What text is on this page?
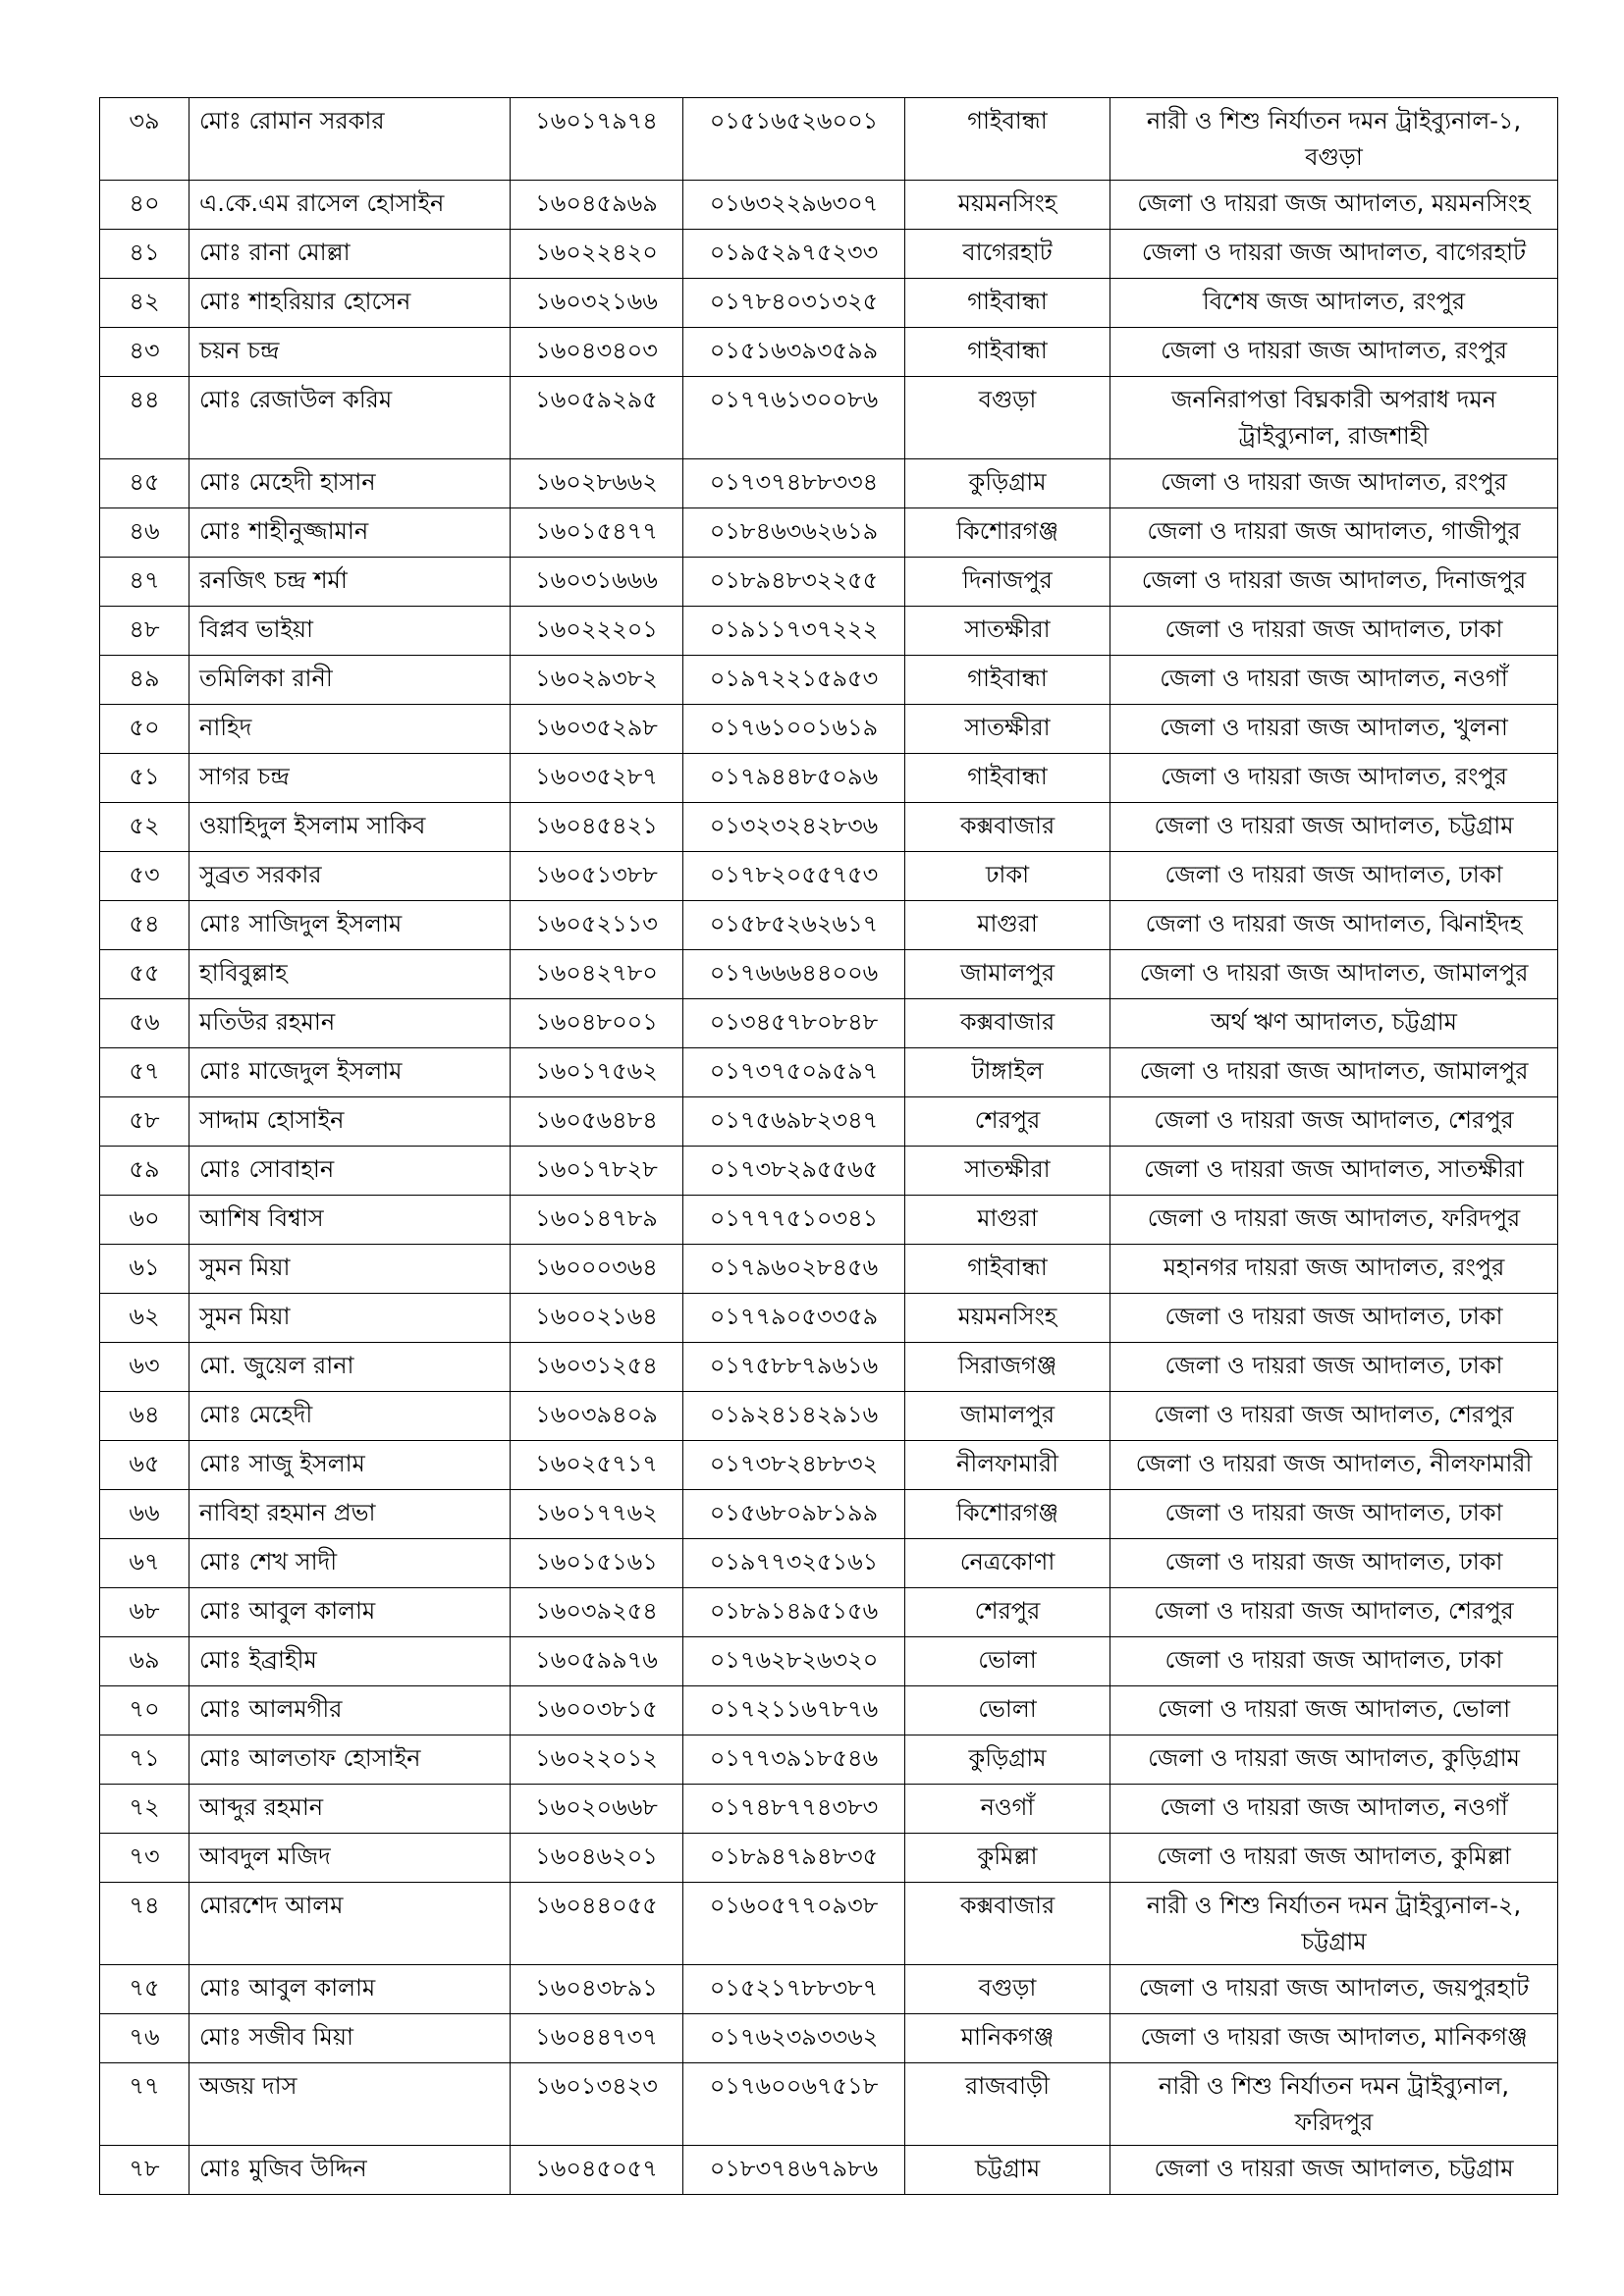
৩৯	মোঃ রোমান সরকার	১৬০১৭৯৭৪	০১৫১৬৫২৬০০১	গাইবান্ধা	নারী ও শিশু নির্যাতন দমন ট্রাইব্যুনাল-১, বগুড়া
৪০	এ.কে.এম রাসেল হোসাইন	১৬০৪৫৯৬৯	০১৬৩২২৯৬৩০৭	ময়মনসিংহ	জেলা ও দায়রা জজ আদালত, ময়মনসিংহ
৪১	মোঃ রানা মোল্লা	১৬০২২৪২০	০১৯৫২৯৭৫২৩৩	বাগেরহাট	জেলা ও দায়রা জজ আদালত, বাগেরহাট
৪২	মোঃ শাহরিয়ার হোসেন	১৬০৩২১৬৬	০১৭৮৪০৩১৩২৫	গাইবান্ধা	বিশেষ জজ আদালত, রংপুর
৪৩	চয়ন চন্দ্র	১৬০৪৩৪০৩	০১৫১৬৩৯৩৫৯৯	গাইবান্ধা	জেলা ও দায়রা জজ আদালত, রংপুর
৪৪	মোঃ রেজাউল করিম	১৬০৫৯২৯৫	০১৭৭৬১৩০০৮৬	বগুড়া	জননিরাপত্তা বিঘ্নকারী অপরাধ দমন ট্রাইব্যুনাল, রাজশাহী
৪৫	মোঃ মেহেদী হাসান	১৬০২৮৬৬২	০১৭৩৭৪৮৮৩৩৪	কুড়িগ্রাম	জেলা ও দায়রা জজ আদালত, রংপুর
৪৬	মোঃ শাহীনুজ্জামান	১৬০১৫৪৭৭	০১৮৪৬৩৬২৬১৯	কিশোরগঞ্জ	জেলা ও দায়রা জজ আদালত, গাজীপুর
৪৭	রনজিৎ চন্দ্র শর্মা	১৬০৩১৬৬৬	০১৮৯৪৮৩২২৫৫	দিনাজপুর	জেলা ও দায়রা জজ আদালত, দিনাজপুর
৪৮	বিপ্লব ভাইয়া	১৬০২২২০১	০১৯১১৭৩৭২২২	সাতক্ষীরা	জেলা ও দায়রা জজ আদালত, ঢাকা
৪৯	তমিলিকা রানী	১৬০২৯৩৮২	০১৯৭২২১৫৯৫৩	গাইবান্ধা	জেলা ও দায়রা জজ আদালত, নওগাঁ
৫০	নাহিদ	১৬০৩৫২৯৮	০১৭৬১০০১৬১৯	সাতক্ষীরা	জেলা ও দায়রা জজ আদালত, খুলনা
৫১	সাগর চন্দ্র	১৬০৩৫২৮৭	০১৭৯৪৪৮৫০৯৬	গাইবান্ধা	জেলা ও দায়রা জজ আদালত, রংপুর
৫২	ওয়াহিদুল ইসলাম সাকিব	১৬০৪৫৪২১	০১৩২৩২৪২৮৩৬	কক্সবাজার	জেলা ও দায়রা জজ আদালত, চট্টগ্রাম
৫৩	সুব্রত সরকার	১৬০৫১৩৮৮	০১৭৮২০৫৫৭৫৩	ঢাকা	জেলা ও দায়রা জজ আদালত, ঢাকা
৫৪	মোঃ সাজিদুল ইসলাম	১৬০৫২১১৩	০১৫৮৫২৬২৬১৭	মাগুরা	জেলা ও দায়রা জজ আদালত, ঝিনাইদহ
৫৫	হাবিবুল্লাহ	১৬০৪২৭৮০	০১৭৬৬৬৪৪০০৬	জামালপুর	জেলা ও দায়রা জজ আদালত, জামালপুর
৫৬	মতিউর রহমান	১৬০৪৮০০১	০১৩৪৫৭৮০৮৪৮	কক্সবাজার	অর্থ ঋণ আদালত, চট্টগ্রাম
৫৭	মোঃ মাজেদুল ইসলাম	১৬০১৭৫৬২	০১৭৩৭৫০৯৫৯৭	টাঙ্গাইল	জেলা ও দায়রা জজ আদালত, জামালপুর
৫৮	সাদ্দাম হোসাইন	১৬০৫৬৪৮৪	০১৭৫৬৯৮২৩৪৭	শেরপুর	জেলা ও দায়রা জজ আদালত, শেরপুর
৫৯	মোঃ সোবাহান	১৬০১৭৮২৮	০১৭৩৮২৯৫৫৬৫	সাতক্ষীরা	জেলা ও দায়রা জজ আদালত, সাতক্ষীরা
৬০	আশিষ বিশ্বাস	১৬০১৪৭৮৯	০১৭৭৭৫১০৩৪১	মাগুরা	জেলা ও দায়রা জজ আদালত, ফরিদপুর
৬১	সুমন মিয়া	১৬০০০৩৬৪	০১৭৯৬০২৮৪৫৬	গাইবান্ধা	মহানগর দায়রা জজ আদালত, রংপুর
৬২	সুমন মিয়া	১৬০০২১৬৪	০১৭৭৯০৫৩৩৫৯	ময়মনসিংহ	জেলা ও দায়রা জজ আদালত, ঢাকা
৬৩	মো. জুয়েল রানা	১৬০৩১২৫৪	০১৭৫৮৮৭৯৬১৬	সিরাজগঞ্জ	জেলা ও দায়রা জজ আদালত, ঢাকা
৬৪	মোঃ মেহেদী	১৬০৩৯৪০৯	০১৯২৪১৪২৯১৬	জামালপুর	জেলা ও দায়রা জজ আদালত, শেরপুর
৬৫	মোঃ সাজু ইসলাম	১৬০২৫৭১৭	০১৭৩৮২৪৮৮৩২	নীলফামারী	জেলা ও দায়রা জজ আদালত, নীলফামারী
৬৬	নাবিহা রহমান প্রভা	১৬০১৭৭৬২	০১৫৬৮০৯৮১৯৯	কিশোরগঞ্জ	জেলা ও দায়রা জজ আদালত, ঢাকা
৬৭	মোঃ শেখ সাদী	১৬০১৫১৬১	০১৯৭৭৩২৫১৬১	নেত্রকোণা	জেলা ও দায়রা জজ আদালত, ঢাকা
৬৮	মোঃ আবুল কালাম	১৬০৩৯২৫৪	০১৮৯১৪৯৫১৫৬	শেরপুর	জেলা ও দায়রা জজ আদালত, শেরপুর
৬৯	মোঃ ইব্রাহীম	১৬০৫৯৯৭৬	০১৭৬২৮২৬৩২০	ভোলা	জেলা ও দায়রা জজ আদালত, ঢাকা
৭০	মোঃ আলমগীর	১৬০০৩৮১৫	০১৭২১১৬৭৮৭৬	ভোলা	জেলা ও দায়রা জজ আদালত, ভোলা
৭১	মোঃ আলতাফ হোসাইন	১৬০২২০১২	০১৭৭৩৯১৮৫৪৬	কুড়িগ্রাম	জেলা ও দায়রা জজ আদালত, কুড়িগ্রাম
৭২	আব্দুর রহমান	১৬০২০৬৬৮	০১৭৪৮৭৭৪৩৮৩	নওগাঁ	জেলা ও দায়রা জজ আদালত, নওগাঁ
৭৩	আবদুল মজিদ	১৬০৪৬২০১	০১৮৯৪৭৯৪৮৩৫	কুমিল্লা	জেলা ও দায়রা জজ আদালত, কুমিল্লা
৭৪	মোরশেদ আলম	১৬০৪৪০৫৫	০১৬০৫৭৭০৯৩৮	কক্সবাজার	নারী ও শিশু নির্যাতন দমন ট্রাইব্যুনাল-২, চট্টগ্রাম
৭৫	মোঃ আবুল কালাম	১৬০৪৩৮৯১	০১৫২১৭৮৮৩৮৭	বগুড়া	জেলা ও দায়রা জজ আদালত, জয়পুরহাট
৭৬	মোঃ সজীব মিয়া	১৬০৪৪৭৩৭	০১৭৬২৩৯৩৩৬২	মানিকগঞ্জ	জেলা ও দায়রা জজ আদালত, মানিকগঞ্জ
৭৭	অজয় দাস	১৬০১৩৪২৩	০১৭৬০০৬৭৫১৮	রাজবাড়ী	নারী ও শিশু নির্যাতন দমন ট্রাইব্যুনাল, ফরিদপুর
৭৮	মোঃ মুজিব উদ্দিন	১৬০৪৫০৫৭	০১৮৩৭৪৬৭৯৮৬	চট্টগ্রাম	জেলা ও দায়রা জজ আদালত, চট্টগ্রাম
